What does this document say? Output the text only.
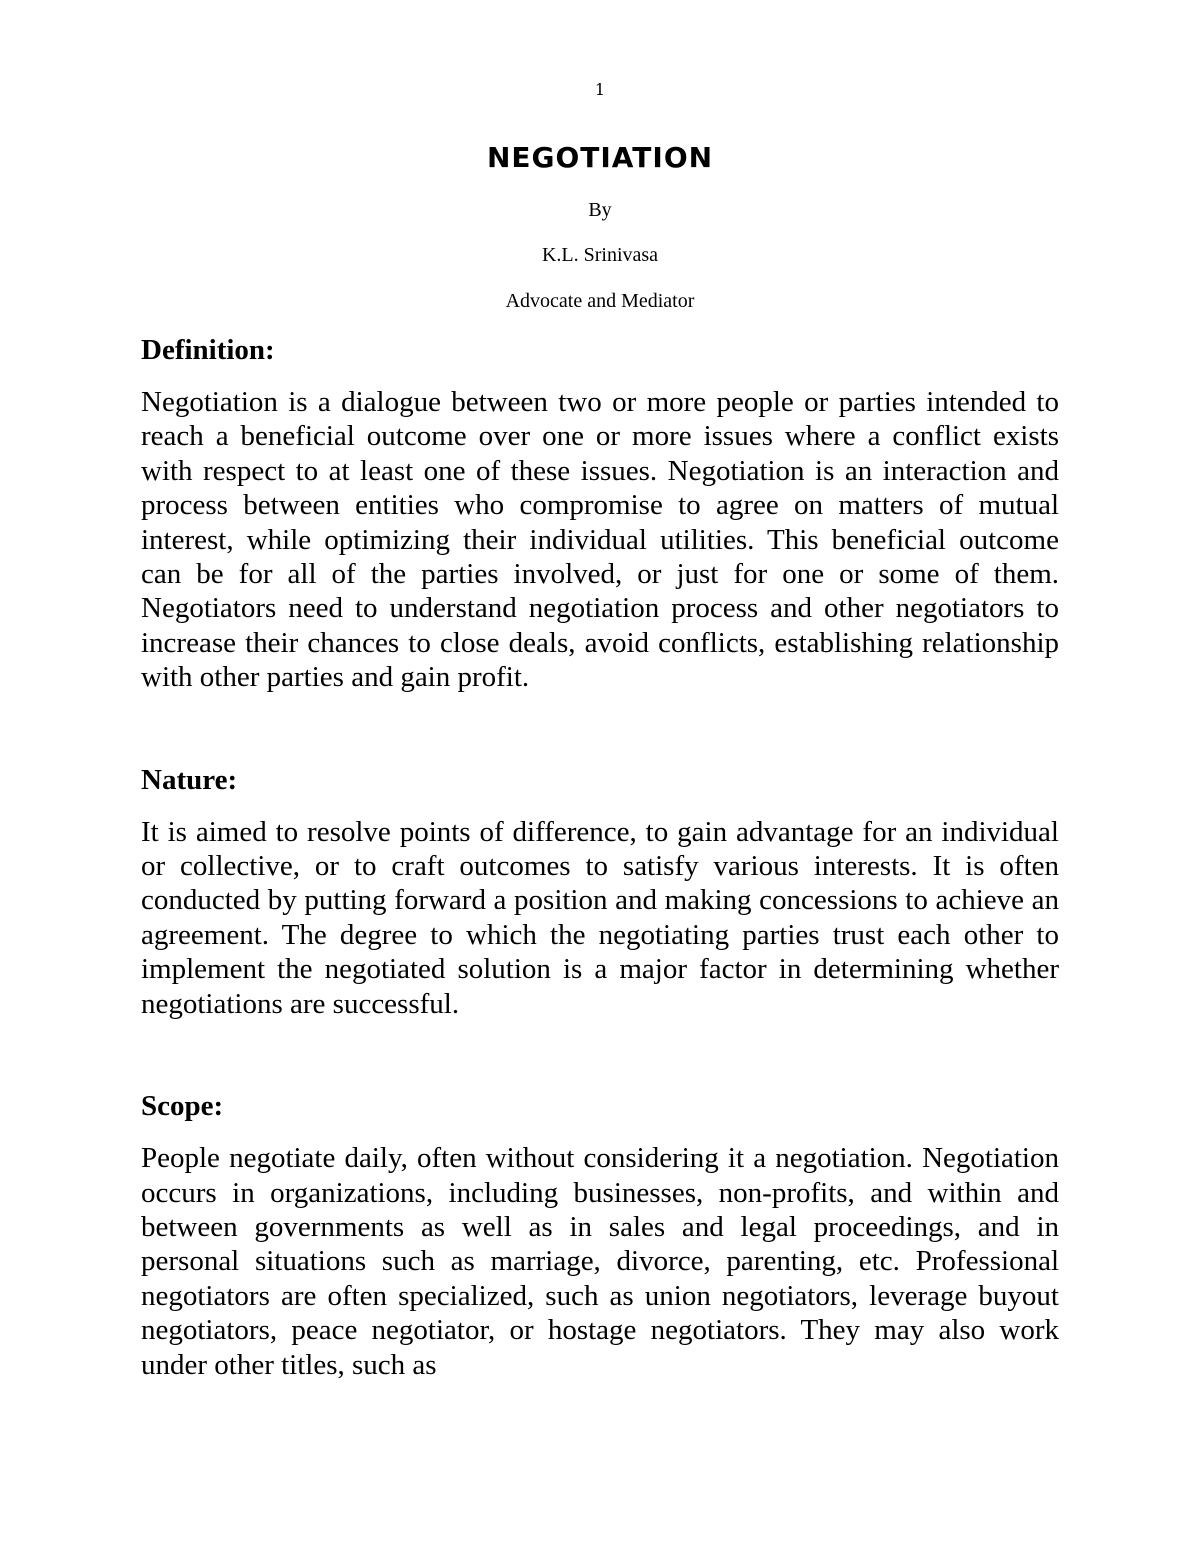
1
NEGOTIATION
By
K.L. Srinivasa
Advocate and Mediator
Definition:

Negotiation is a dialogue between two or more people or parties intended to reach a beneficial outcome over one or more issues where a conflict exists with respect to at least one of these issues. Negotiation is an interaction and process between entities who compromise to agree on matters of mutual interest, while optimizing their individual utilities. This beneficial outcome can be for all of the parties involved, or just for one or some of them. Negotiators need to understand negotiation process and other negotiators to increase their chances to close deals, avoid conflicts, establishing relationship with other parties and gain profit.

Nature:

It is aimed to resolve points of difference, to gain advantage for an individual or collective, or to craft outcomes to satisfy various interests. It is often conducted by putting forward a position and making concessions to achieve an agreement. The degree to which the negotiating parties trust each other to implement the negotiated solution is a major factor in determining whether negotiations are successful.

Scope:

People negotiate daily, often without considering it a negotiation. Negotiation occurs in organizations, including businesses, non-profits, and within and between governments as well as in sales and legal proceedings, and in personal situations such as marriage, divorce, parenting, etc. Professional negotiators are often specialized, such as union negotiators, leverage buyout negotiators, peace negotiator, or hostage negotiators. They may also work under other titles, such as
